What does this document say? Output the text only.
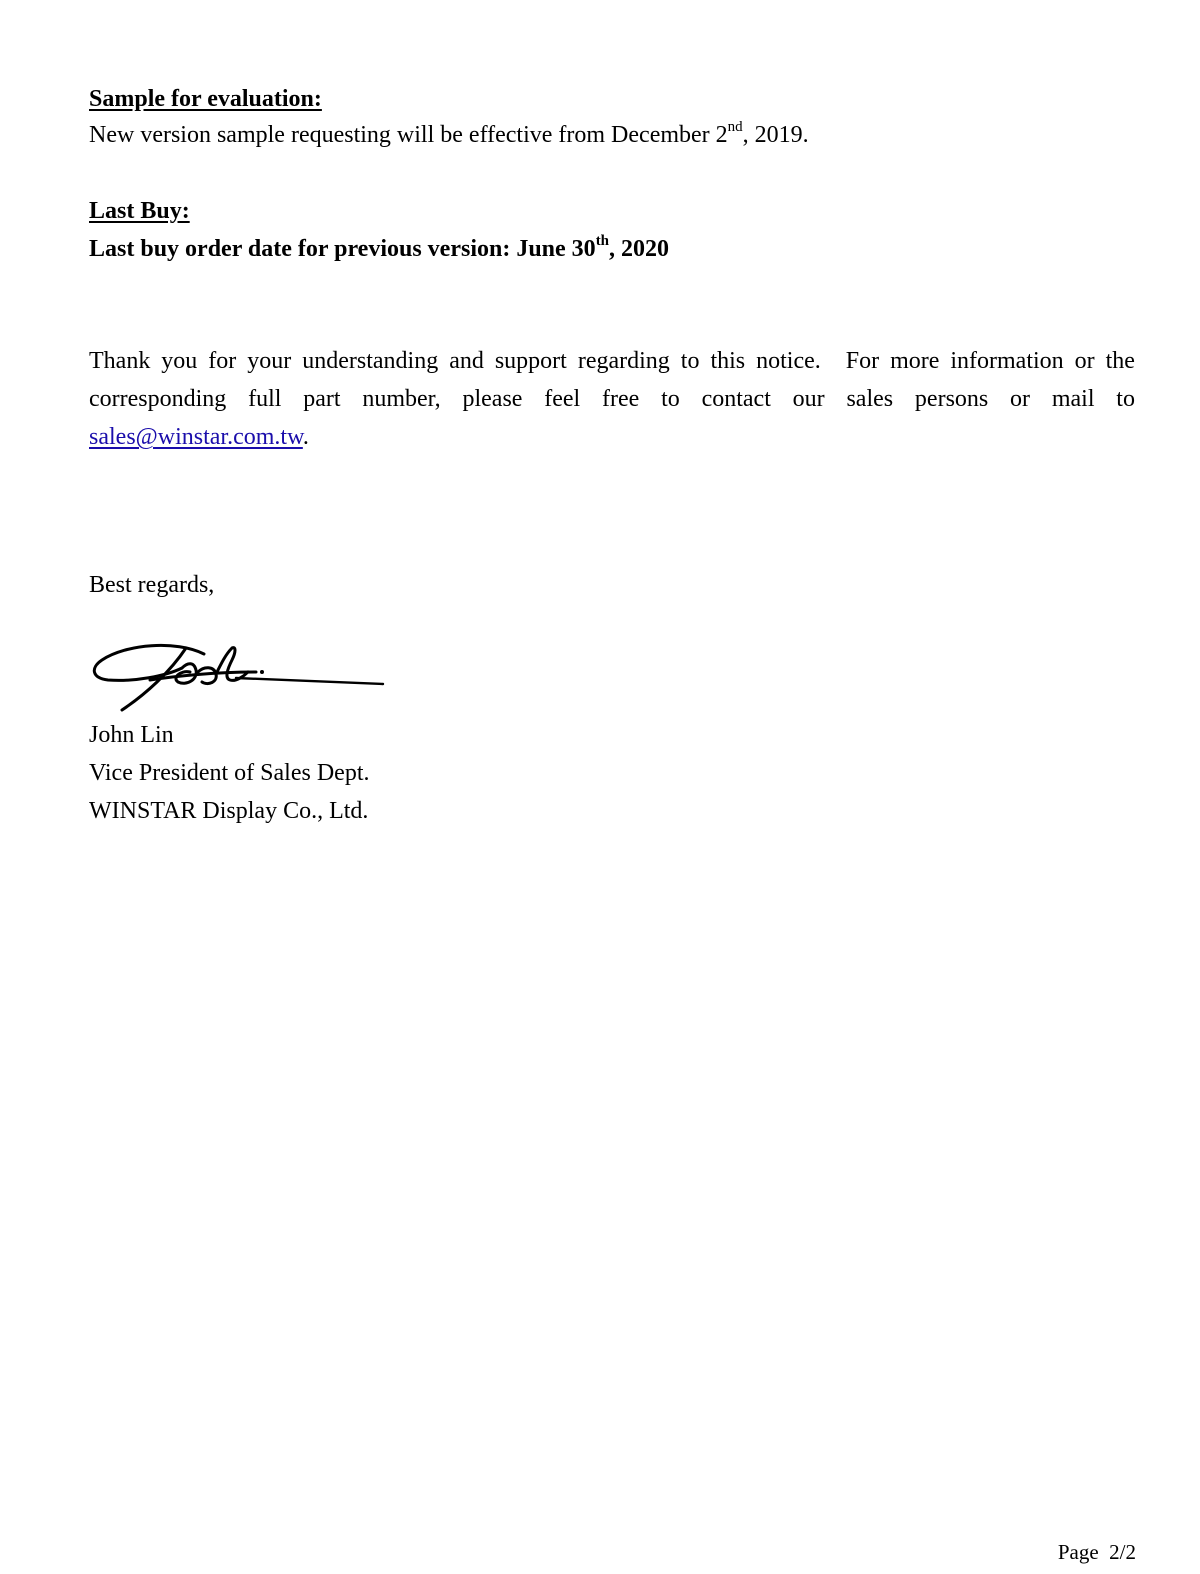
Sample for evaluation:
New version sample requesting will be effective from December 2nd, 2019.
Last Buy:
Last buy order date for previous version: June 30th, 2020
Thank you for your understanding and support regarding to this notice. For more information or the
corresponding full part number, please feel free to contact our sales persons or mail to
sales@winstar.com.tw.
Best regards,
John Lin
Vice President of Sales Dept.
WINSTAR Display Co., Ltd.
Page  2/2
